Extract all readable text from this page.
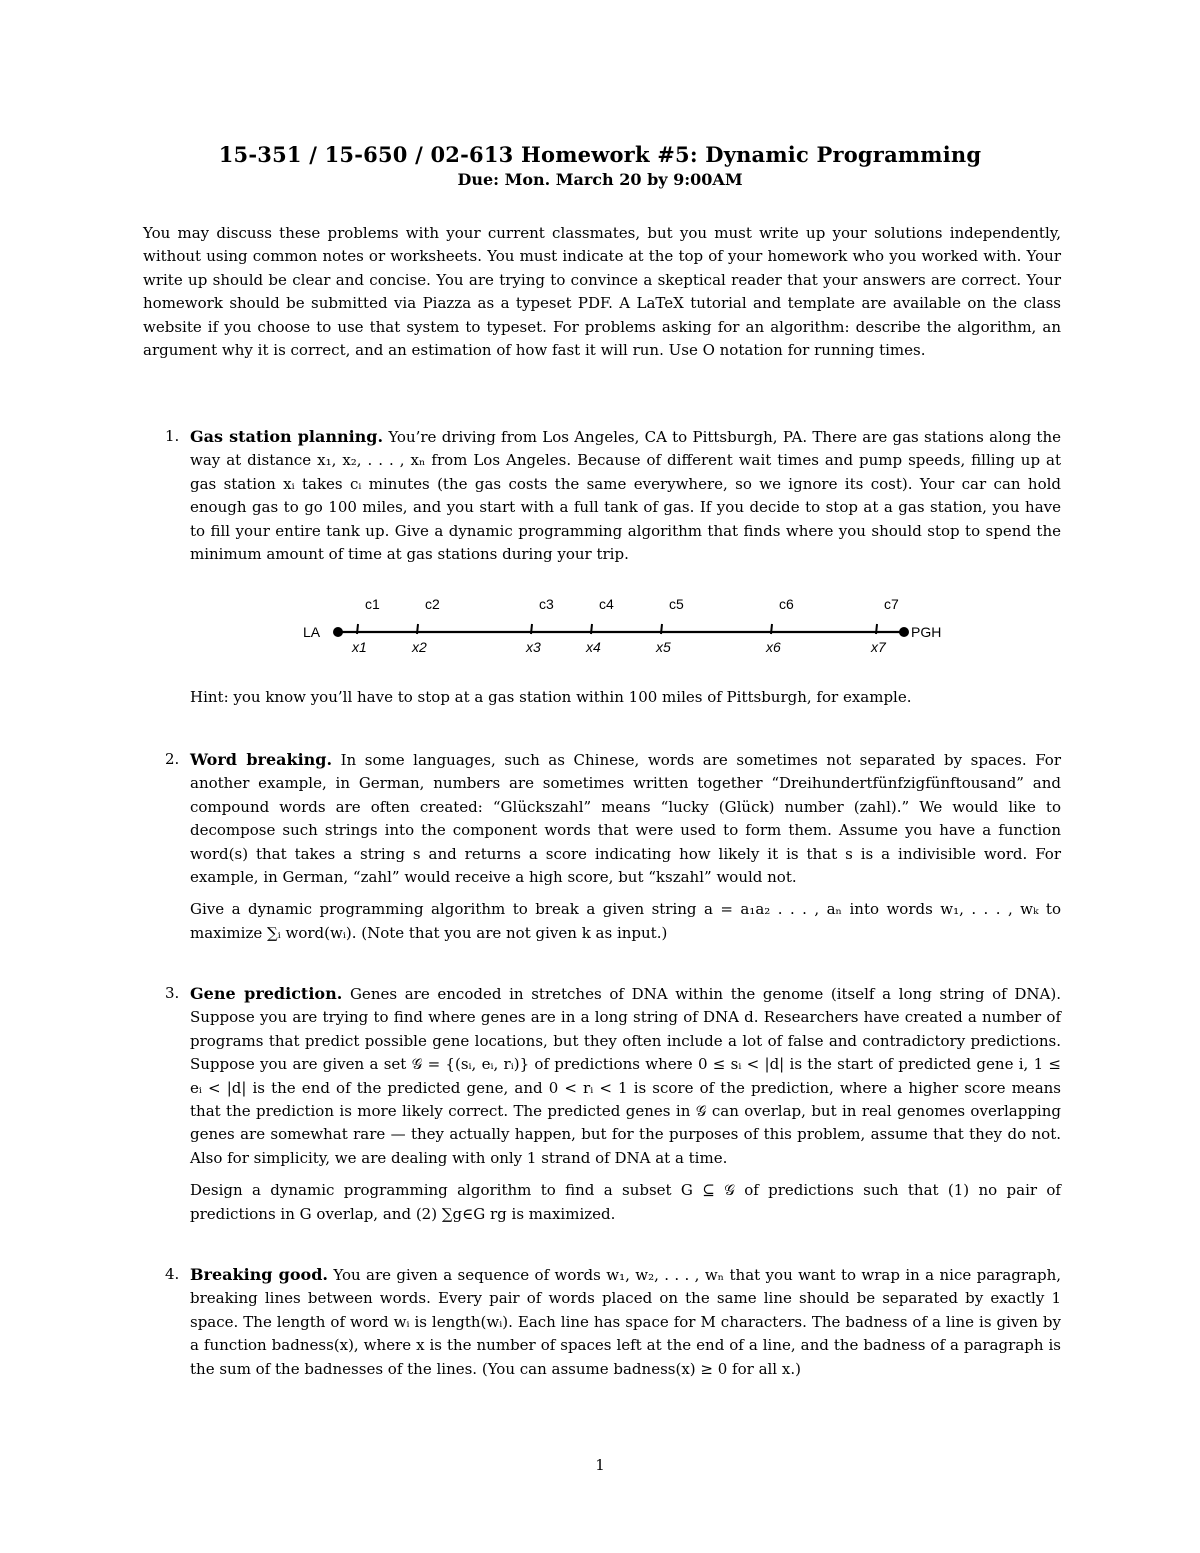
15-351 / 15-650 / 02-613 Homework #5: Dynamic Programming
Due: Mon. March 20 by 9:00AM
You may discuss these problems with your current classmates, but you must write up your solutions independently, without using common notes or worksheets. You must indicate at the top of your homework who you worked with. Your write up should be clear and concise. You are trying to convince a skeptical reader that your answers are correct. Your homework should be submitted via Piazza as a typeset PDF. A LaTeX tutorial and template are available on the class website if you choose to use that system to typeset. For problems asking for an algorithm: describe the algorithm, an argument why it is correct, and an estimation of how fast it will run. Use O notation for running times.
1. Gas station planning. You’re driving from Los Angeles, CA to Pittsburgh, PA. There are gas stations along the way at distance x₁, x₂, . . . , xₙ from Los Angeles. Because of different wait times and pump speeds, filling up at gas station xᵢ takes cᵢ minutes (the gas costs the same everywhere, so we ignore its cost). Your car can hold enough gas to go 100 miles, and you start with a full tank of gas. If you decide to stop at a gas station, you have to fill your entire tank up. Give a dynamic programming algorithm that finds where you should stop to spend the minimum amount of time at gas stations during your trip.

LA	PGH
c1
x1
c2
x2
c3
x3
c4
x4
c5
x5
c6
x6
c7
x7

Hint: you know you’ll have to stop at a gas station within 100 miles of Pittsburgh, for example.

2. Word breaking. In some languages, such as Chinese, words are sometimes not separated by spaces. For another example, in German, numbers are sometimes written together “Dreihundertfünfzigfünftousand” and compound words are often created: “Glückszahl” means “lucky (Glück) number (zahl).” We would like to decompose such strings into the component words that were used to form them. Assume you have a function word(s) that takes a string s and returns a score indicating how likely it is that s is a indivisible word. For example, in German, “zahl” would receive a high score, but “kszahl” would not.

Give a dynamic programming algorithm to break a given string a = a₁a₂ . . . , aₙ into words w₁, . . . , wₖ to maximize ∑ᵢ word(wᵢ). (Note that you are not given k as input.)

3. Gene prediction. Genes are encoded in stretches of DNA within the genome (itself a long string of DNA). Suppose you are trying to find where genes are in a long string of DNA d. Researchers have created a number of programs that predict possible gene locations, but they often include a lot of false and contradictory predictions. Suppose you are given a set 𝒢 = {(sᵢ, eᵢ, rᵢ)} of predictions where 0 ≤ sᵢ < |d| is the start of predicted gene i, 1 ≤ eᵢ < |d| is the end of the predicted gene, and 0 < rᵢ < 1 is score of the prediction, where a higher score means that the prediction is more likely correct. The predicted genes in 𝒢 can overlap, but in real genomes overlapping genes are somewhat rare — they actually happen, but for the purposes of this problem, assume that they do not. Also for simplicity, we are dealing with only 1 strand of DNA at a time.

Design a dynamic programming algorithm to find a subset G ⊆ 𝒢 of predictions such that (1) no pair of predictions in G overlap, and (2) ∑g∈G rg is maximized.

4. Breaking good. You are given a sequence of words w₁, w₂, . . . , wₙ that you want to wrap in a nice paragraph, breaking lines between words. Every pair of words placed on the same line should be separated by exactly 1 space. The length of word wᵢ is length(wᵢ). Each line has space for M characters. The badness of a line is given by a function badness(x), where x is the number of spaces left at the end of a line, and the badness of a paragraph is the sum of the badnesses of the lines. (You can assume badness(x) ≥ 0 for all x.)

1
